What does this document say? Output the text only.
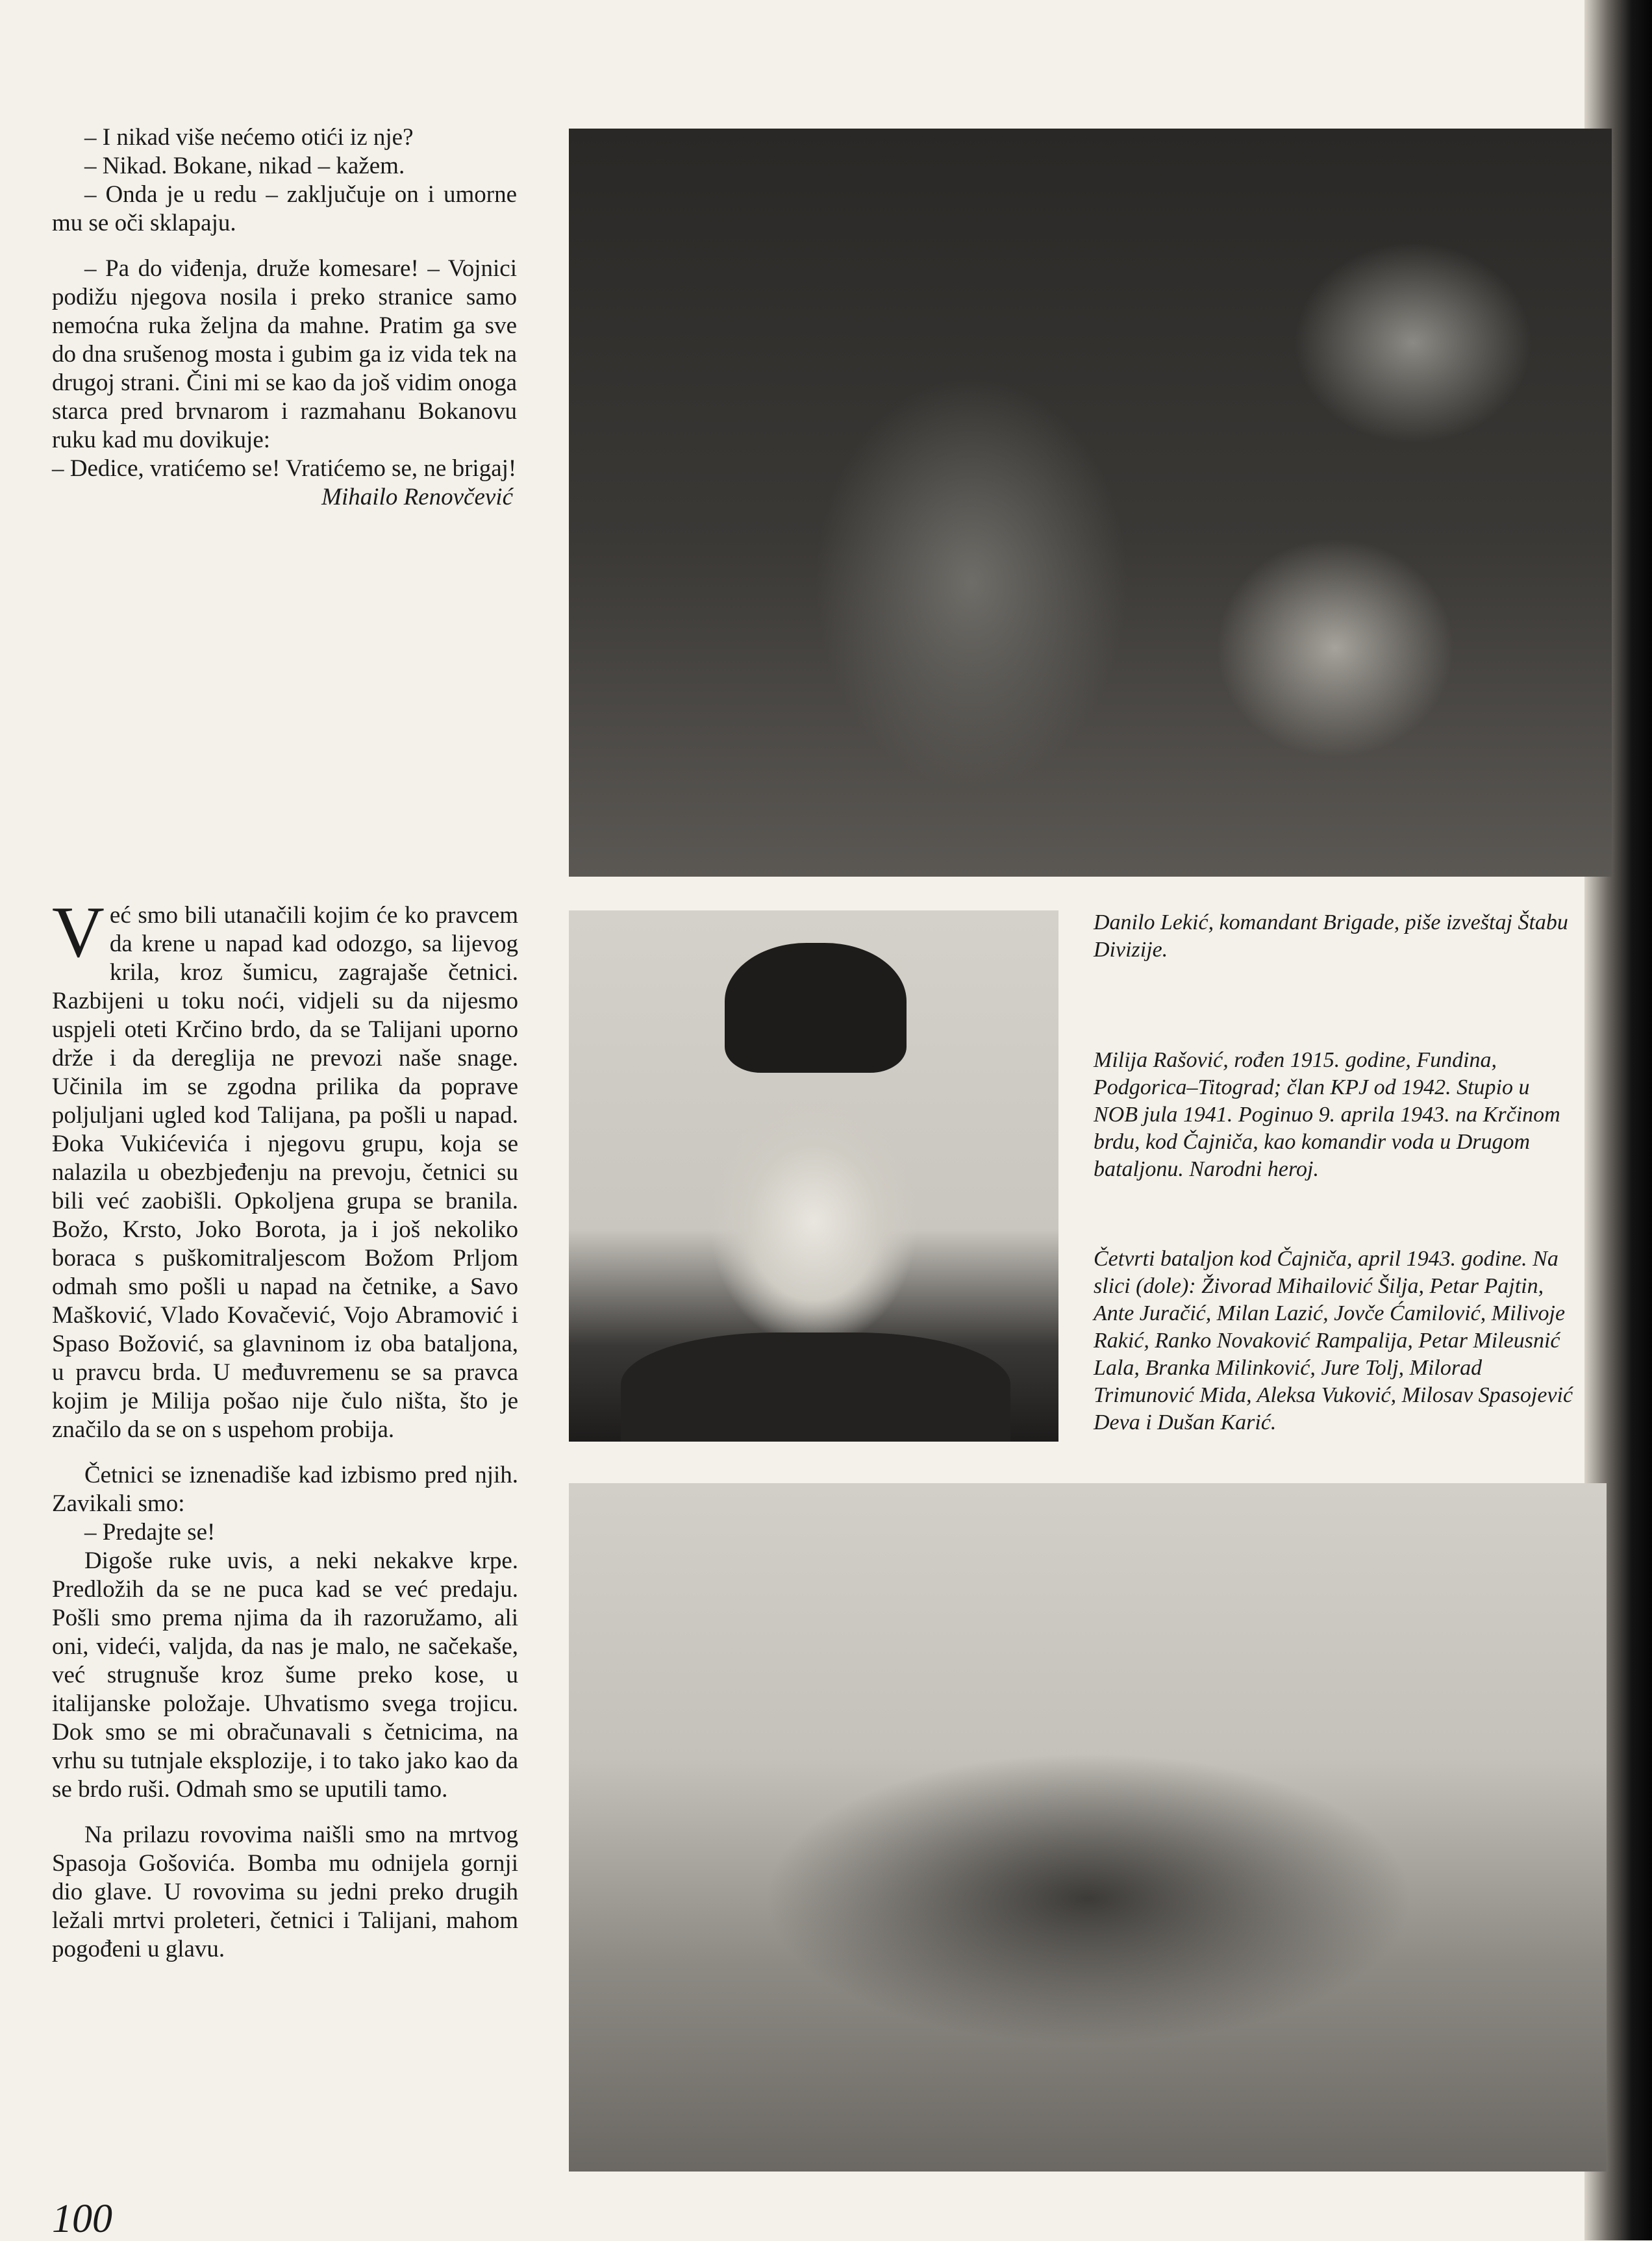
– I nikad više nećemo otići iz nje?

– Nikad. Bokane, nikad – kažem.

– Onda je u redu – zaključuje on i umorne mu se oči sklapaju.

– Pa do viđenja, druže komesare! – Vojnici podižu njegova nosila i preko stranice samo nemoćna ruka željna da mahne. Pratim ga sve do dna srušenog mosta i gubim ga iz vida tek na drugoj strani. Čini mi se kao da još vidim onoga starca pred brvnarom i razmahanu Bokanovu ruku kad mu dovikuje:

– Dedice, vratićemo se! Vratićemo se, ne brigaj!

Mihailo Renovčević

Danilo Lekić, komandant Brigade, piše izveštaj Štabu Divizije.
Milija Rašović, rođen 1915. godine, Fundina, Podgorica–Titograd; član KPJ od 1942. Stupio u NOB jula 1941. Poginuo 9. aprila 1943. na Krčinom brdu, kod Čajniča, kao komandir voda u Drugom bataljonu. Narodni heroj.
Četvrti bataljon kod Čajniča, april 1943. godine. Na slici (dole): Živorad Mihailović Šilja, Petar Pajtin, Ante Juračić, Milan Lazić, Jovče Ćamilović, Milivoje Rakić, Ranko Novaković Rampalija, Petar Mileusnić Lala, Branka Milinković, Jure Tolj, Milorad Trimunović Mida, Aleksa Vuković, Milosav Spasojević Deva i Dušan Karić.

Već smo bili utanačili kojim će ko pravcem da krene u napad kad odozgo, sa lijevog krila, kroz šumicu, zagrajaše četnici. Razbijeni u toku noći, vidjeli su da nijesmo uspjeli oteti Krčino brdo, da se Talijani uporno drže i da dereglija ne prevozi naše snage. Učinila im se zgodna prilika da poprave poljuljani ugled kod Talijana, pa pošli u napad. Đoka Vukićevića i njegovu grupu, koja se nalazila u obezbjeđenju na prevoju, četnici su bili već zaobišli. Opkoljena grupa se branila. Božo, Krsto, Joko Borota, ja i još nekoliko boraca s puškomitraljescom Božom Prljom odmah smo pošli u napad na četnike, a Savo Mašković, Vlado Kovačević, Vojo Abramović i Spaso Božović, sa glavninom iz oba bataljona, u pravcu brda. U međuvremenu se sa pravca kojim je Milija pošao nije čulo ništa, što je značilo da se on s uspehom probija.

Četnici se iznenadiše kad izbismo pred njih. Zavikali smo:

– Predajte se!

Digoše ruke uvis, a neki nekakve krpe. Predložih da se ne puca kad se već predaju. Pošli smo prema njima da ih razoružamo, ali oni, videći, valjda, da nas je malo, ne sačekaše, već strugnuše kroz šume preko kose, u italijanske položaje. Uhvatismo svega trojicu. Dok smo se mi obračunavali s četnicima, na vrhu su tutnjale eksplozije, i to tako jako kao da se brdo ruši. Odmah smo se uputili tamo.

Na prilazu rovovima naišli smo na mrtvog Spasoja Gošovića. Bomba mu odnijela gornji dio glave. U rovovima su jedni preko drugih ležali mrtvi proleteri, četnici i Talijani, mahom pogođeni u glavu.

100
